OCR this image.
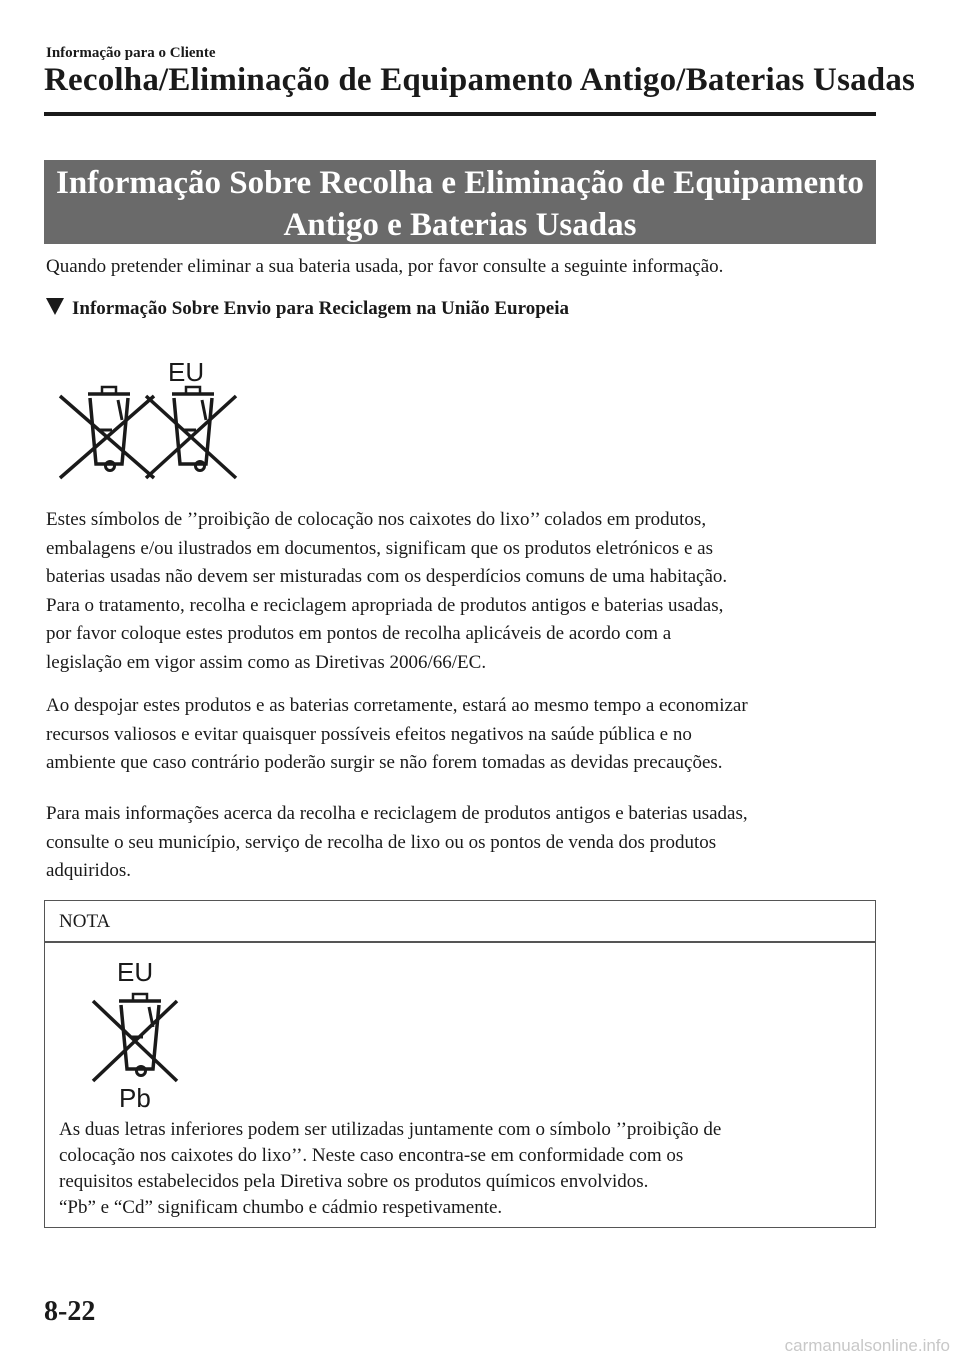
Informação para o Cliente
Recolha/Eliminação de Equipamento Antigo/Baterias Usadas
Informação Sobre Recolha e Eliminação de Equipamento
Antigo e Baterias Usadas
Quando pretender eliminar a sua bateria usada, por favor consulte a seguinte informação.
Informação Sobre Envio para Reciclagem na União Europeia
EU
Estes símbolos de ’’proibição de colocação nos caixotes do lixo’’ colados em produtos,
embalagens e/ou ilustrados em documentos, significam que os produtos eletrónicos e as
baterias usadas não devem ser misturadas com os desperdícios comuns de uma habitação.
Para o tratamento, recolha e reciclagem apropriada de produtos antigos e baterias usadas,
por favor coloque estes produtos em pontos de recolha aplicáveis de acordo com a
legislação em vigor assim como as Diretivas 2006/66/EC.
Ao despojar estes produtos e as baterias corretamente, estará ao mesmo tempo a economizar
recursos valiosos e evitar quaisquer possíveis efeitos negativos na saúde pública e no
ambiente que caso contrário poderão surgir se não forem tomadas as devidas precauções.
Para mais informações acerca da recolha e reciclagem de produtos antigos e baterias usadas,
consulte o seu município, serviço de recolha de lixo ou os pontos de venda dos produtos
adquiridos.
NOTA
EU
Pb
As duas letras inferiores podem ser utilizadas juntamente com o símbolo ’’proibição de
colocação nos caixotes do lixo’’. Neste caso encontra-se em conformidade com os
requisitos estabelecidos pela Diretiva sobre os produtos químicos envolvidos.
“Pb” e “Cd” significam chumbo e cádmio respetivamente.
8-22
carmanualsonline.info
